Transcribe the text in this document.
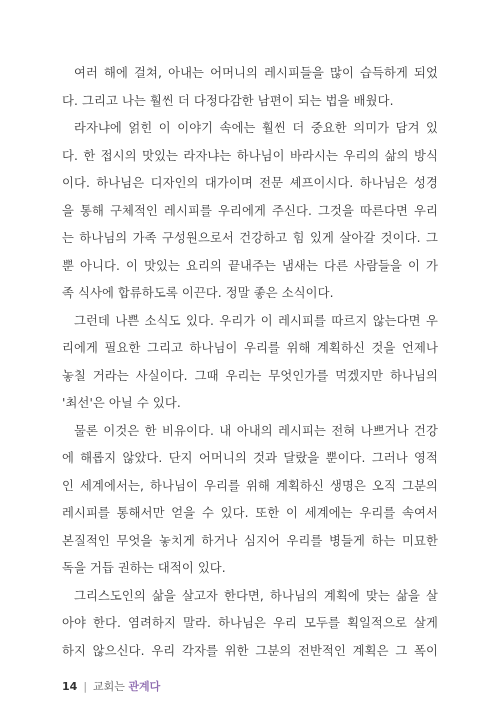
여러 해에 걸쳐, 아내는 어머니의 레시피들을 많이 습득하게 되었
다. 그리고 나는 훨씬 더 다정다감한 남편이 되는 법을 배웠다.
라자냐에 얽힌 이 이야기 속에는 훨씬 더 중요한 의미가 담겨 있
다. 한 접시의 맛있는 라자냐는 하나님이 바라시는 우리의 삶의 방식
이다. 하나님은 디자인의 대가이며 전문 셰프이시다. 하나님은 성경
을 통해 구체적인 레시피를 우리에게 주신다. 그것을 따른다면 우리
는 하나님의 가족 구성원으로서 건강하고 힘 있게 살아갈 것이다. 그
뿐 아니다. 이 맛있는 요리의 끝내주는 냄새는 다른 사람들을 이 가
족 식사에 합류하도록 이끈다. 정말 좋은 소식이다.
그런데 나쁜 소식도 있다. 우리가 이 레시피를 따르지 않는다면 우
리에게 필요한 그리고 하나님이 우리를 위해 계획하신 것을 언제나
놓칠 거라는 사실이다. 그때 우리는 무엇인가를 먹겠지만 하나님의
'최선'은 아닐 수 있다.
물론 이것은 한 비유이다. 내 아내의 레시피는 전혀 나쁘거나 건강
에 해롭지 않았다. 단지 어머니의 것과 달랐을 뿐이다. 그러나 영적
인 세계에서는, 하나님이 우리를 위해 계획하신 생명은 오직 그분의
레시피를 통해서만 얻을 수 있다. 또한 이 세계에는 우리를 속여서
본질적인 무엇을 놓치게 하거나 심지어 우리를 병들게 하는 미묘한
독을 거듭 권하는 대적이 있다.
그리스도인의 삶을 살고자 한다면, 하나님의 계획에 맞는 삶을 살
아야 한다. 염려하지 말라. 하나님은 우리 모두를 획일적으로 살게
하지 않으신다. 우리 각자를 위한 그분의 전반적인 계획은 그 폭이
14 | 교회는 관계다
